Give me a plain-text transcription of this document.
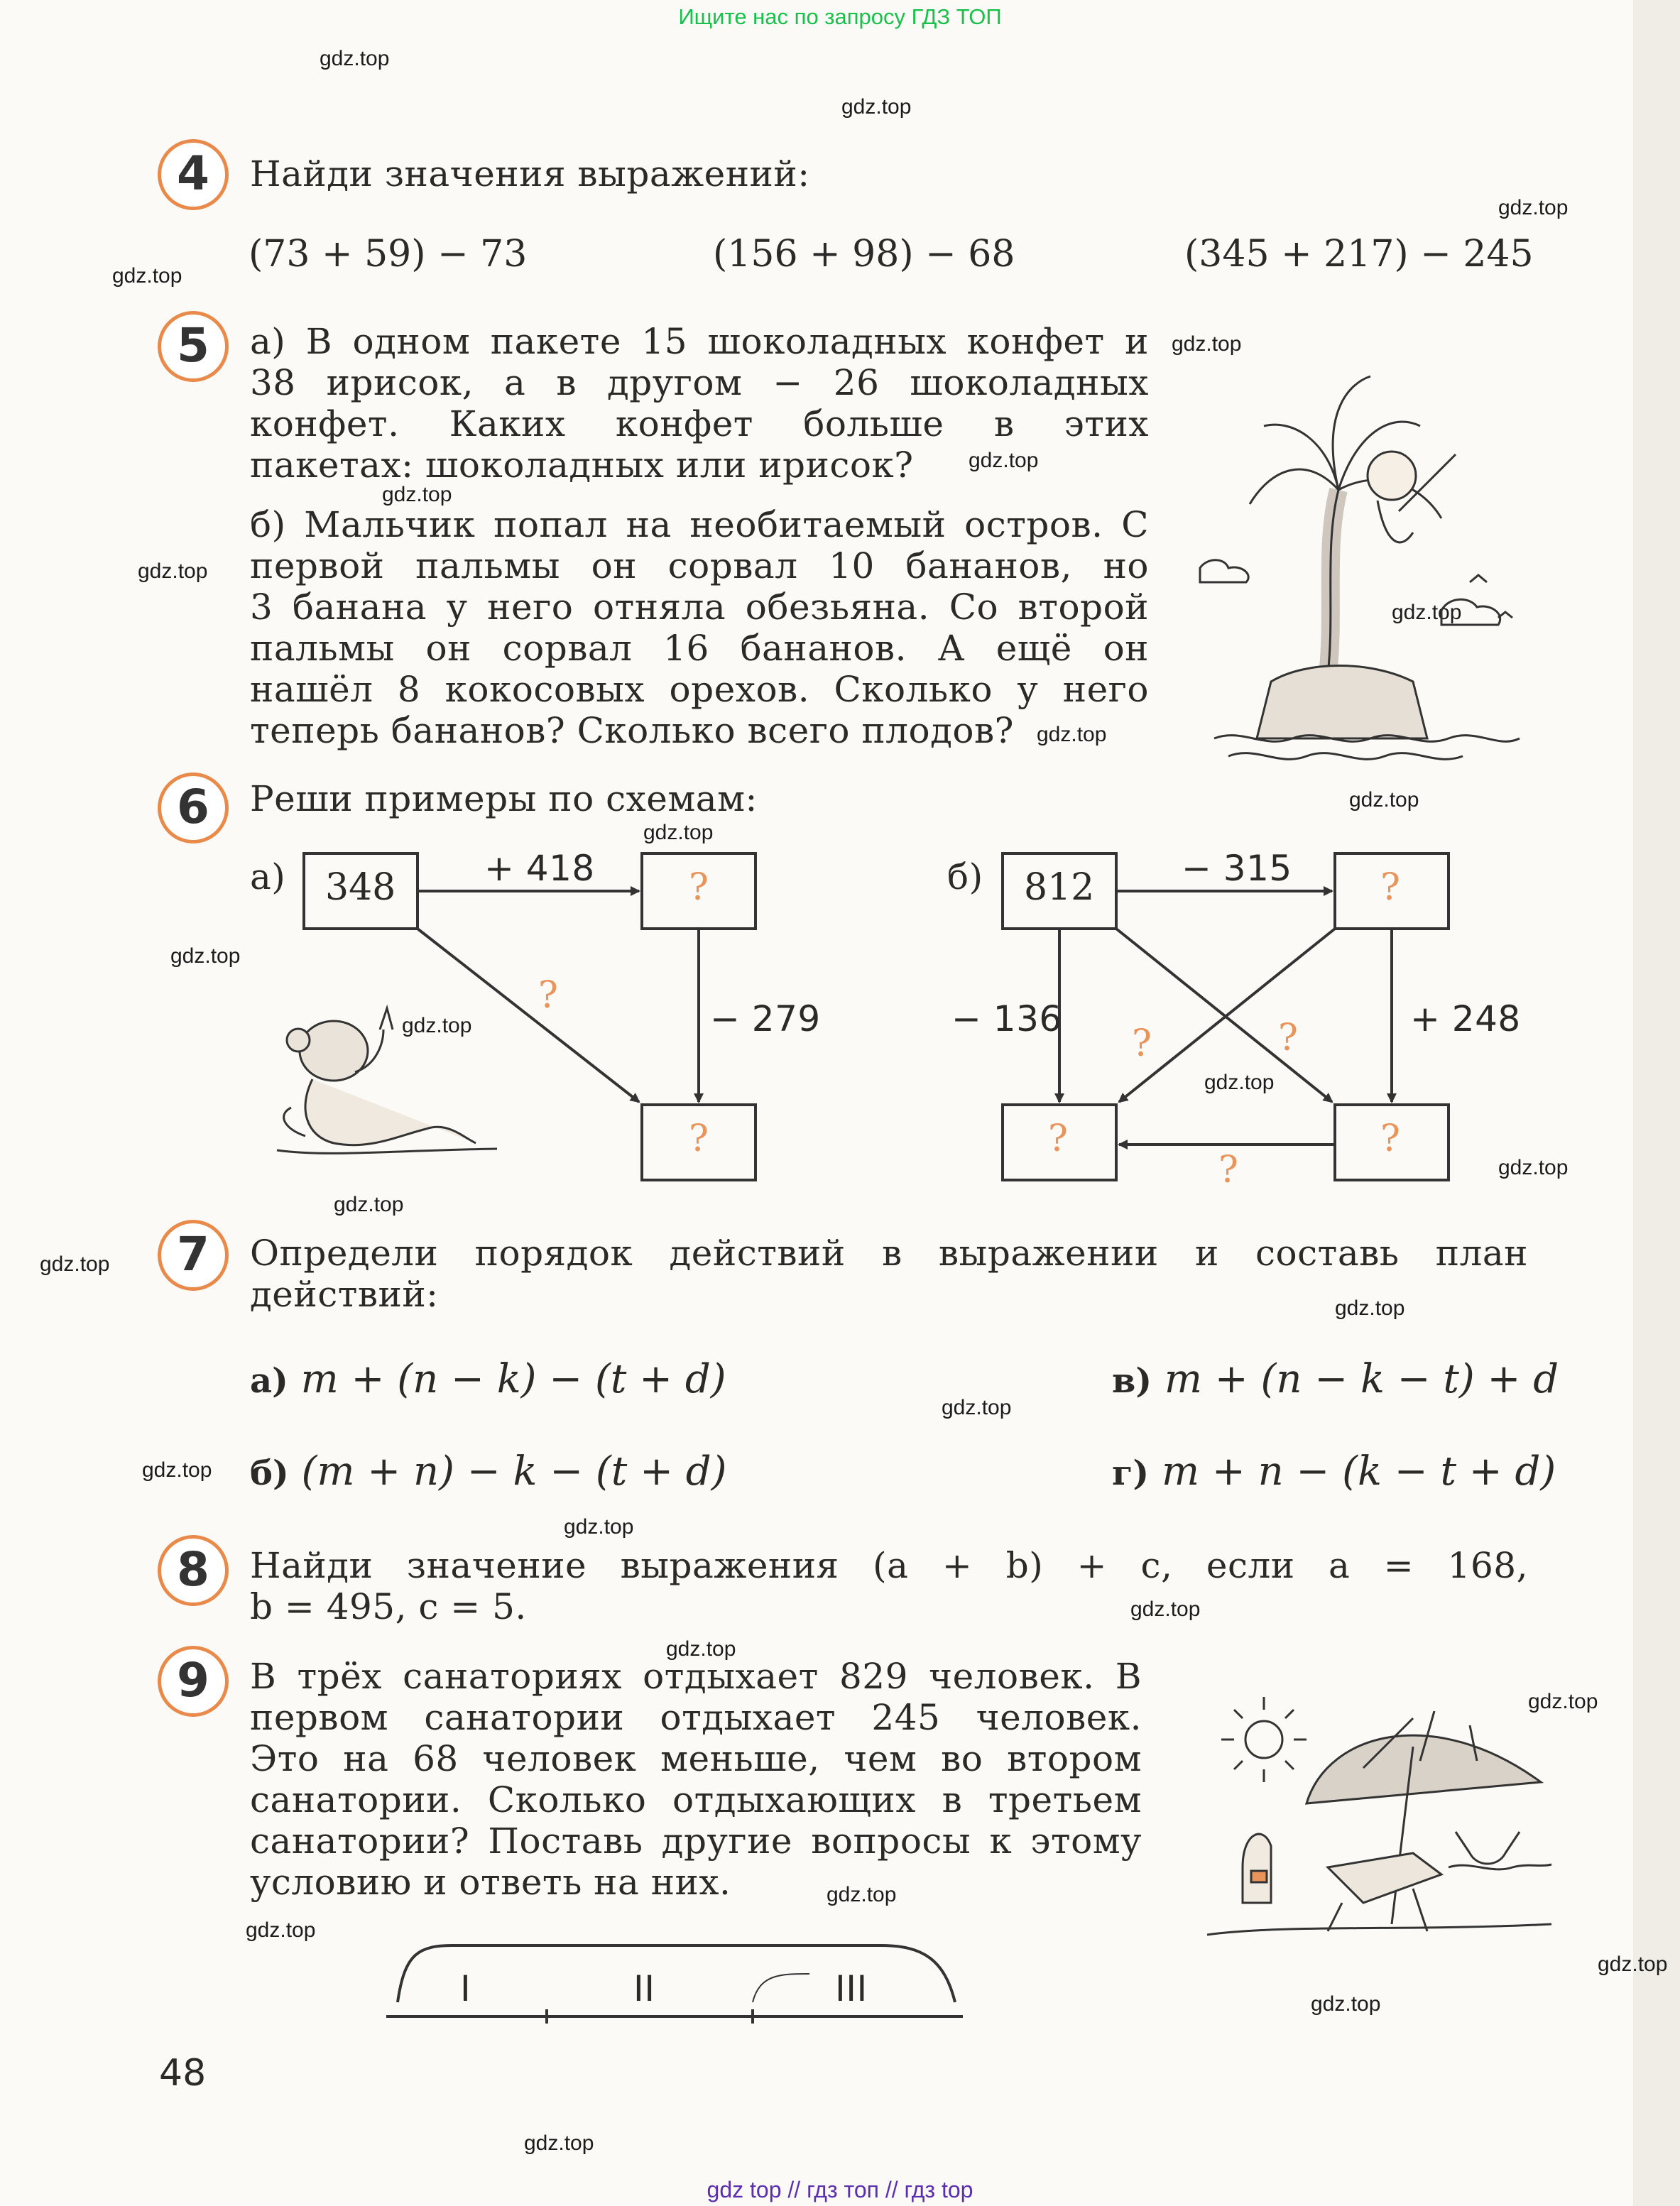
Ищите нас по запросу ГДЗ ТОП
gdz.top
gdz.top
gdz.top
gdz.top
gdz.top
gdz.top
gdz.top
gdz.top
gdz.top
gdz.top
gdz.top
gdz.top
gdz.top
gdz.top
gdz.top
gdz.top
gdz.top
gdz.top
gdz.top
gdz.top
gdz.top
gdz.top
gdz.top
gdz.top
gdz.top
gdz.top
gdz.top
gdz.top
gdz.top
gdz.top
4	Найди значения выражений:
(73 + 59) − 73	(156 + 98) − 68	(345 + 217) − 245
5	а) В одном пакете 15 шоколадных конфет и
38 ирисок, а в другом − 26 шоколадных
конфет. Каких конфет больше в этих
пакетах: шоколадных или ирисок?
б) Мальчик попал на необитаемый остров. С
первой пальмы он сорвал 10 бананов, но
3 банана у него отняла обезьяна. Со второй
пальмы он сорвал 16 бананов. А ещё он
нашёл 8 кокосовых орехов. Сколько у него
теперь бананов? Сколько всего плодов?
6	Реши примеры по схемам:
а)	б)
348 + 418
− 279
?
?
?
812 − 315
− 136	+ 248
?
?	?
?	?
?
7	Определи порядок действий в выражении и составь план
действий:
а) m + (n − k) − (t + d)
б) (m + n) − k − (t + d)
в) m + (n − k − t) + d
г) m + n − (k − t + d)
8	Найди значение выражения (a + b) + c, если a = 168,
b = 495, c = 5.
9	В трёх санаториях отдыхает 829 человек. В
первом санатории отдыхает 245 человек.
Это на 68 человек меньше, чем во втором
санатории. Сколько отдыхающих в третьем
санатории? Поставь другие вопросы к этому
условию и ответь на них.
I	II	III
48
gdz top // гдз топ // гдз top
